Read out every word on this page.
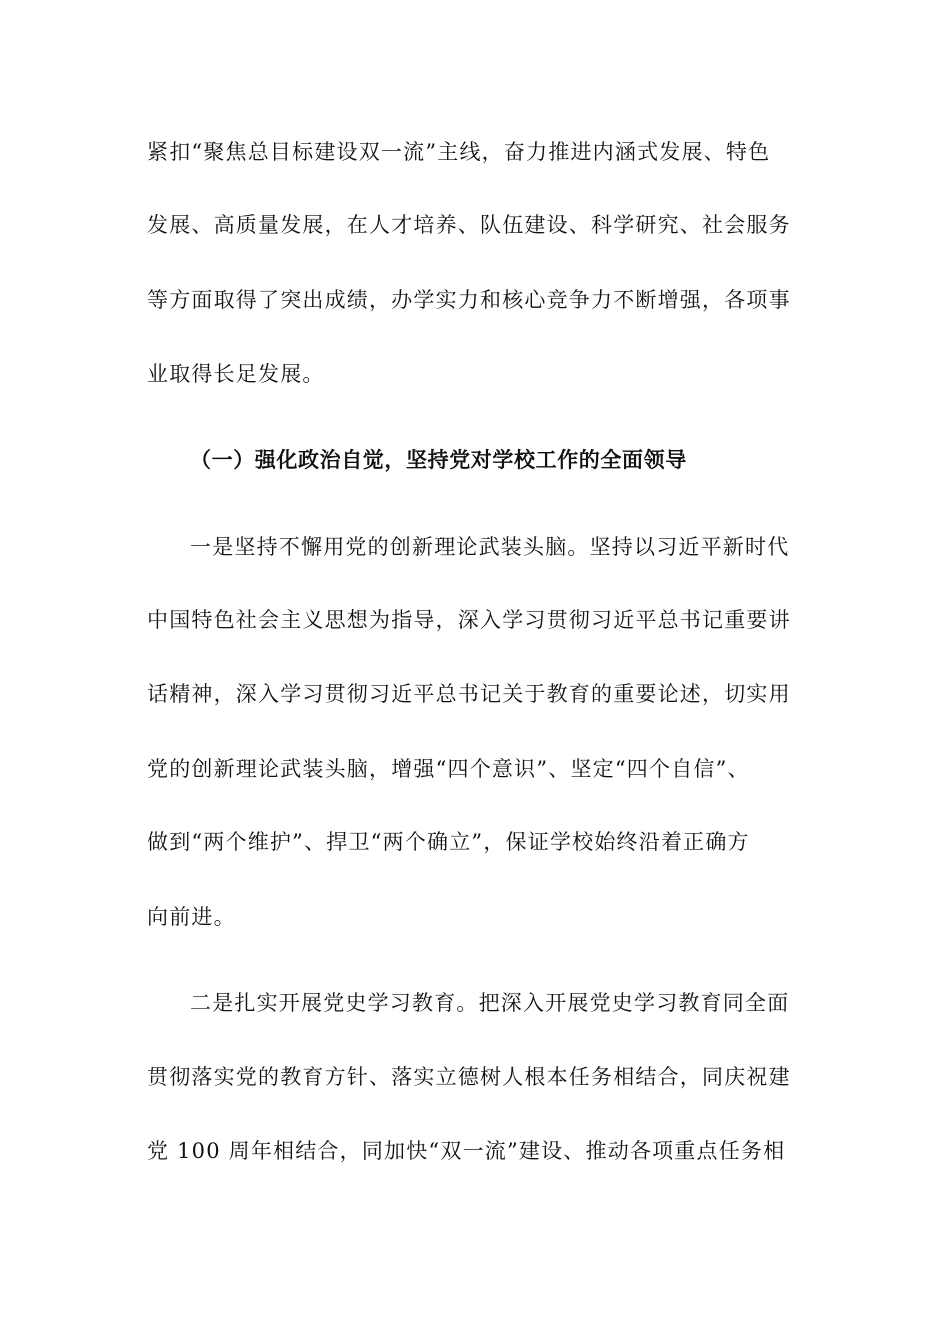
紧扣“聚焦总目标建设双一流”主线，奋力推进内涵式发展、特色
发展、高质量发展，在人才培养、队伍建设、科学研究、社会服务
等方面取得了突出成绩，办学实力和核心竞争力不断增强，各项事
业取得长足发展。
（一）强化政治自觉，坚持党对学校工作的全面领导
一是坚持不懈用党的创新理论武装头脑。坚持以习近平新时代
中国特色社会主义思想为指导，深入学习贯彻习近平总书记重要讲
话精神，深入学习贯彻习近平总书记关于教育的重要论述，切实用
党的创新理论武装头脑，增强“四个意识”、坚定“四个自信”、
做到“两个维护”、捍卫“两个确立”，保证学校始终沿着正确方
向前进。
二是扎实开展党史学习教育。把深入开展党史学习教育同全面
贯彻落实党的教育方针、落实立德树人根本任务相结合，同庆祝建
党 100 周年相结合，同加快“双一流”建设、推动各项重点任务相
